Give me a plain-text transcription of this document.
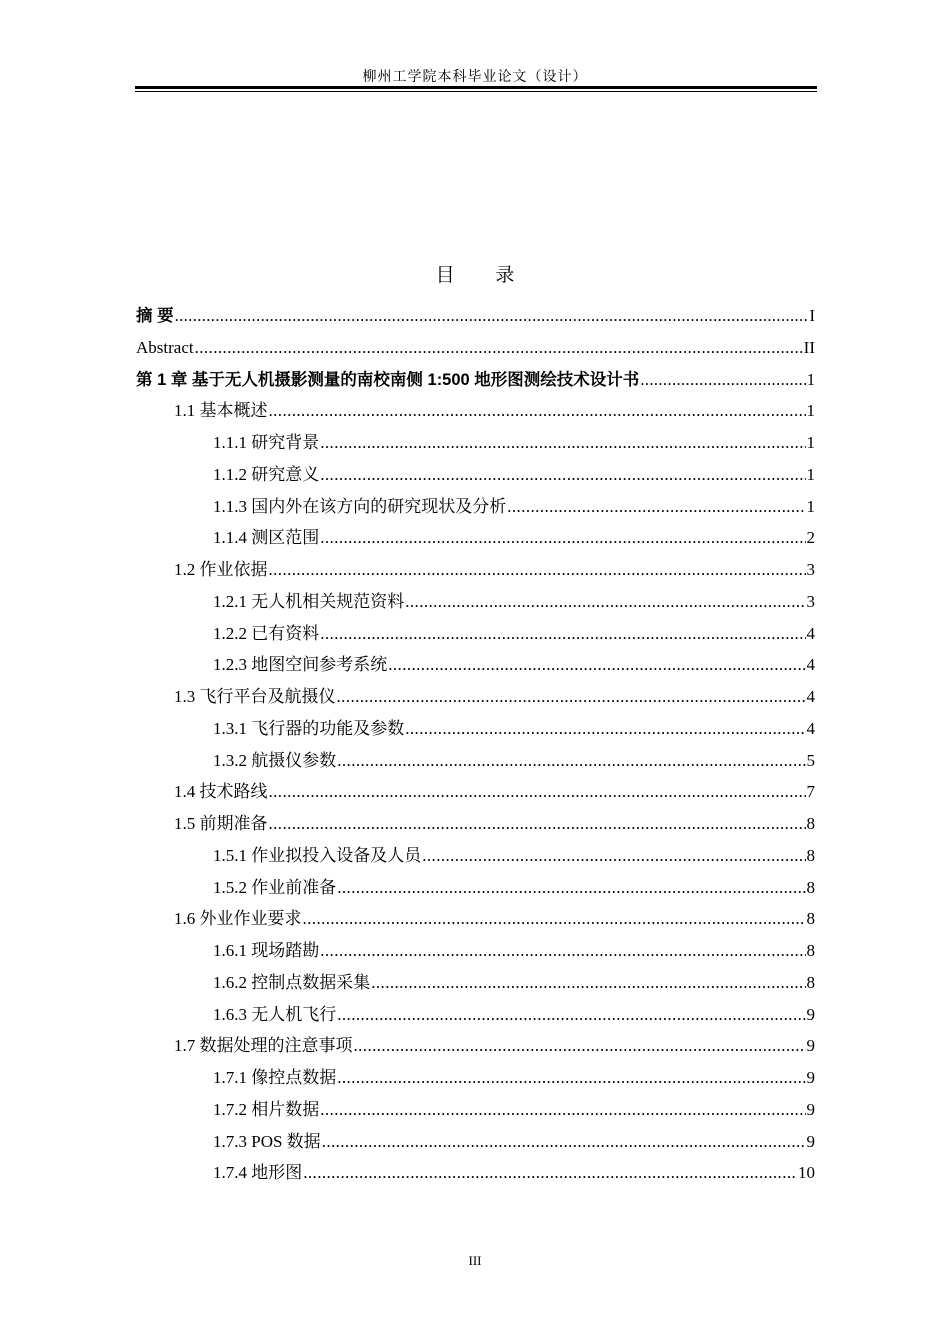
柳州工学院本科毕业论文（设计）
目 录
摘 要 .....	I
Abstract .....	II
第 1 章 基于无人机摄影测量的南校南侧 1:500 地形图测绘技术设计书 .....	1
1.1 基本概述 .....	1
1.1.1 研究背景 .....	1
1.1.2 研究意义 .....	1
1.1.3 国内外在该方向的研究现状及分析 .....	1
1.1.4 测区范围 .....	2
1.2 作业依据 .....	3
1.2.1 无人机相关规范资料 .....	3
1.2.2 已有资料 .....	4
1.2.3 地图空间参考系统 .....	4
1.3 飞行平台及航摄仪 .....	4
1.3.1 飞行器的功能及参数 .....	4
1.3.2 航摄仪参数 .....	5
1.4 技术路线 .....	7
1.5 前期准备 .....	8
1.5.1 作业拟投入设备及人员 .....	8
1.5.2 作业前准备 .....	8
1.6 外业作业要求 .....	8
1.6.1 现场踏勘 .....	8
1.6.2 控制点数据采集 .....	8
1.6.3 无人机飞行 .....	9
1.7 数据处理的注意事项 .....	9
1.7.1 像控点数据 .....	9
1.7.2 相片数据 .....	9
1.7.3 POS 数据 .....	9
1.7.4 地形图 .....	10
III
